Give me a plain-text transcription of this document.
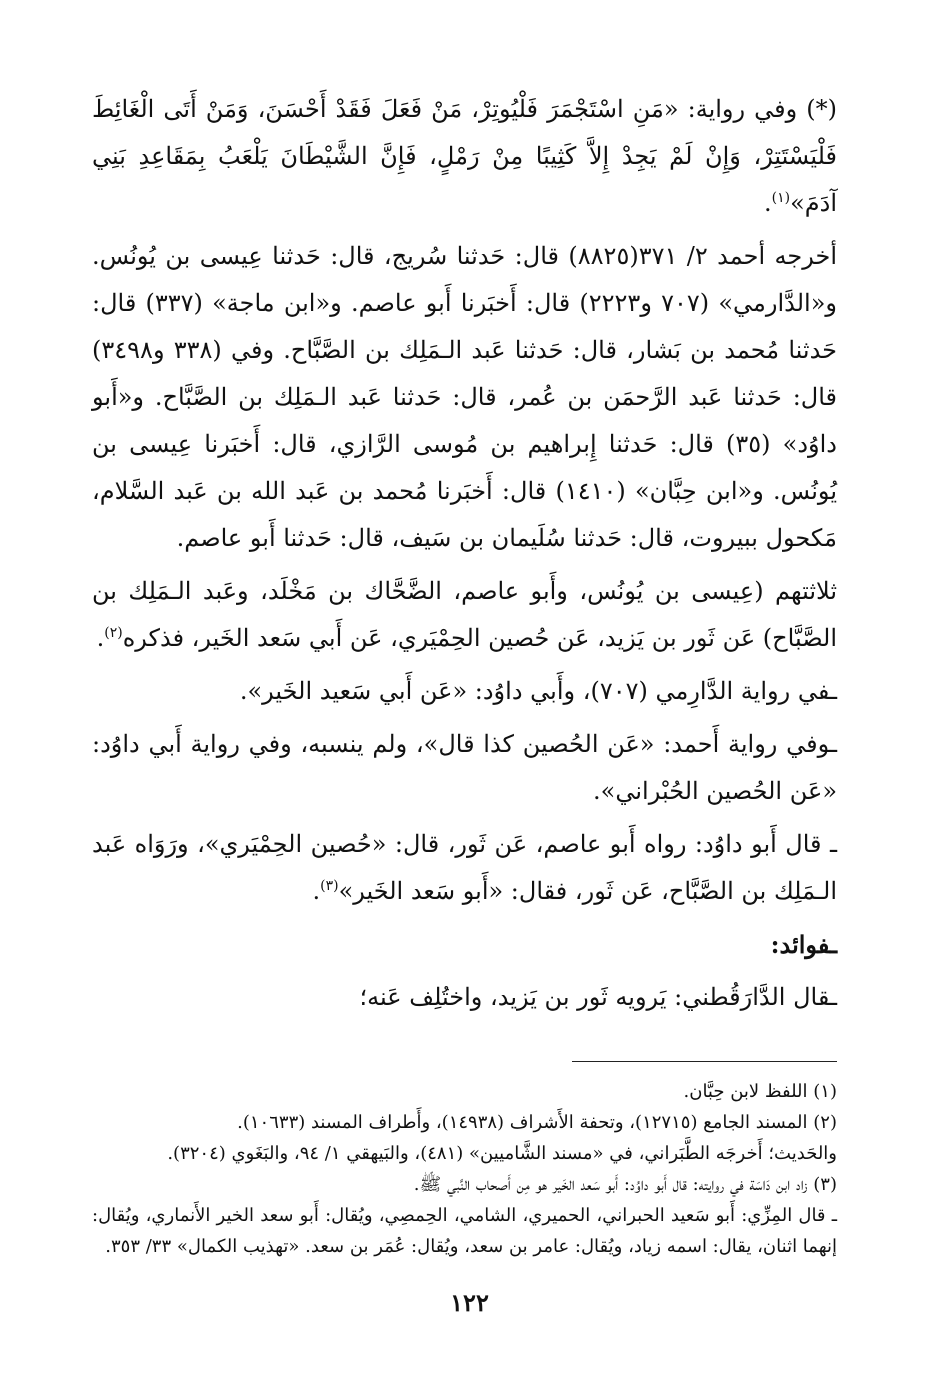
(*) وفي رواية: «مَنِ اسْتَجْمَرَ فَلْيُوتِرْ، مَنْ فَعَلَ فَقَدْ أَحْسَنَ، وَمَنْ أَتَى الْغَائِطَ فَلْيَسْتَتِرْ، وَإِنْ لَمْ يَجِدْ إِلاَّ كَثِيبًا مِنْ رَمْلٍ، فَإِنَّ الشَّيْطَانَ يَلْعَبُ بِمَقَاعِدِ بَنِي آدَمَ»$^{(١)}$.

أخرجه أحمد ٢/ ٣٧١(٨٨٢٥) قال: حَدثنا سُريج، قال: حَدثنا عِيسى بن يُونُس. و«الدَّارمي» (٧٠٧ و٢٢٢٣) قال: أَخبَرنا أَبو عاصم. و«ابن ماجة» (٣٣٧) قال: حَدثنا مُحمد بن بَشار، قال: حَدثنا عَبد الـمَلِك بن الصَّبَّاح. وفي (٣٣٨ و٣٤٩٨) قال: حَدثنا عَبد الرَّحمَن بن عُمر، قال: حَدثنا عَبد الـمَلِك بن الصَّبَّاح. و«أَبو داوُد» (٣٥) قال: حَدثنا إِبراهيم بن مُوسى الرَّازي، قال: أَخبَرنا عِيسى بن يُونُس. و«ابن حِبَّان» (١٤١٠) قال: أَخبَرنا مُحمد بن عَبد الله بن عَبد السَّلام، مَكحول ببيروت، قال: حَدثنا سُلَيمان بن سَيف، قال: حَدثنا أَبو عاصم.

ثلاثتهم (عِيسى بن يُونُس، وأَبو عاصم، الضَّحَّاك بن مَخْلَد، وعَبد الـمَلِك بن الصَّبَّاح) عَن ثَور بن يَزيد، عَن حُصين الحِمْيَري، عَن أَبي سَعد الخَير، فذكره$^{(٢)}$.

ـ في رواية الدَّارِمي (٧٠٧)، وأَبي داوُد: «عَن أَبي سَعيد الخَير».

ـ وفي رواية أَحمد: «عَن الحُصين كذا قال»، ولم ينسبه، وفي رواية أَبي داوُد: «عَن الحُصين الحُبْراني».

ـ قال أَبو داوُد: رواه أَبو عاصم، عَن ثَور، قال: «حُصين الحِمْيَري»، ورَوَاه عَبد الـمَلِك بن الصَّبَّاح، عَن ثَور، فقال: «أَبو سَعد الخَير»$^{(٣)}$.

ـ فوائد:

ـ قال الدَّارَقُطني: يَرويه ثَور بن يَزيد، واختُلِف عَنه؛

(١) اللفظ لابن حِبَّان.

(٢) المسند الجامع (١٢٧١٥)، وتحفة الأَشراف (١٤٩٣٨)، وأَطراف المسند (١٠٦٣٣).

والحَديث؛ أَخرجَه الطَّبَراني، في «مسند الشَّاميين» (٤٨١)، والبَيهقي ١/ ٩٤، والبَغَوي (٣٢٠٤).

(٣) زاد ابن دَاسَة في روايته: قال أَبو داوُد: أَبو سَعد الخَير هو مِن أَصحاب النَّبي ﷺ.

ـ قال المِزِّي: أَبو سَعيد الحبراني، الحميري، الشامي، الحِمصِي، ويُقال: أَبو سعد الخير الأَنماري، ويُقال: إنهما اثنان، يقال: اسمه زياد، ويُقال: عامر بن سعد، ويُقال: عُمَر بن سعد. «تهذيب الكمال» ٣٣/ ٣٥٣.

١٢٢
